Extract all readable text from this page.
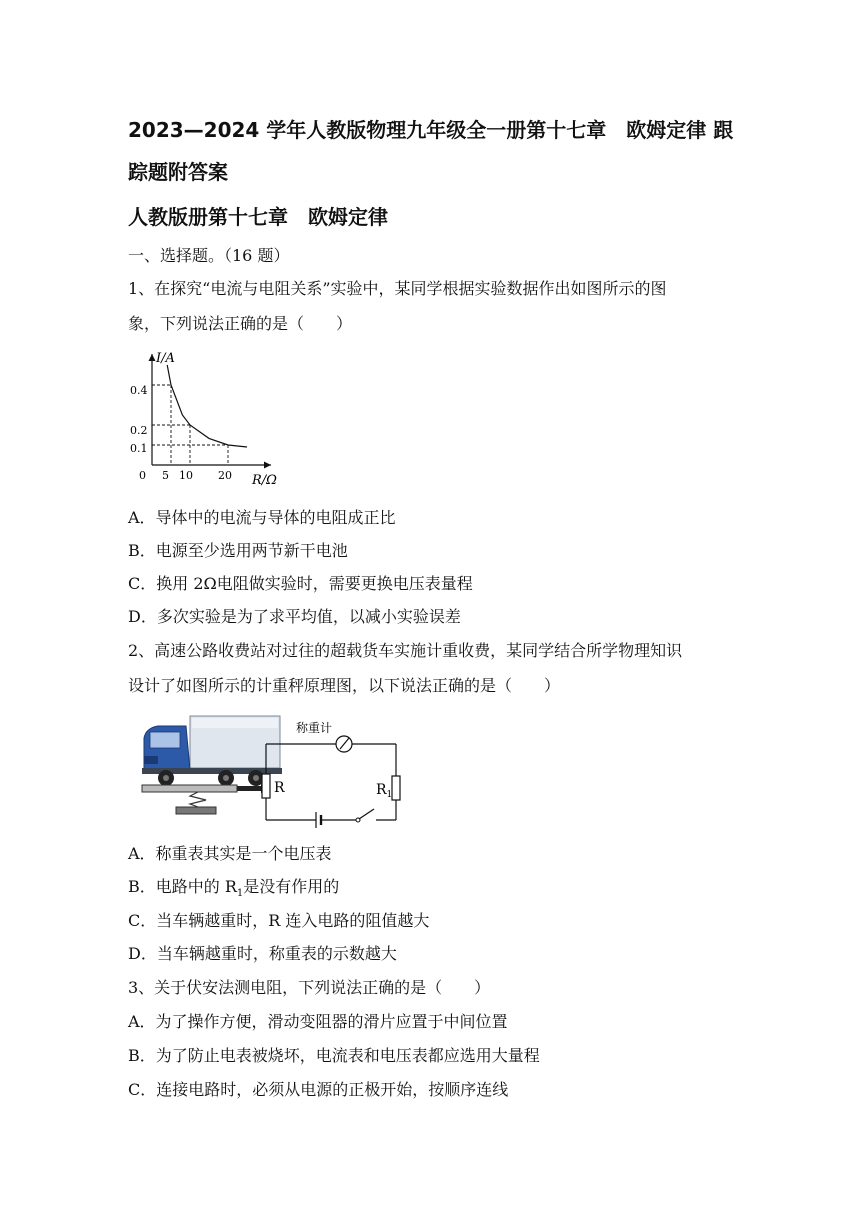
2023—2024 学年人教版物理九年级全一册第十七章　欧姆定律 跟
踪题附答案
人教版册第十七章　欧姆定律
一、选择题。（16 题）
1、在探究“电流与电阻关系”实验中，某同学根据实验数据作出如图所示的图
象，下列说法正确的是（　　）
I/A
R/Ω
0
0.4
0.2
0.1
5 10 20
A．导体中的电流与导体的电阻成正比
B．电源至少选用两节新干电池
C．换用 2Ω电阻做实验时，需要更换电压表量程
D．多次实验是为了求平均值，以减小实验误差
2、高速公路收费站对过往的超载货车实施计重收费，某同学结合所学物理知识
设计了如图所示的计重秤原理图，以下说法正确的是（　　）
称重计
R	$R_1$
A．称重表其实是一个电压表
B．电路中的 $R_1$是没有作用的
C．当车辆越重时，R 连入电路的阻值越大
D．当车辆越重时，称重表的示数越大
3、关于伏安法测电阻，下列说法正确的是（　　）
A．为了操作方便，滑动变阻器的滑片应置于中间位置
B．为了防止电表被烧坏，电流表和电压表都应选用大量程
C．连接电路时，必须从电源的正极开始，按顺序连线
